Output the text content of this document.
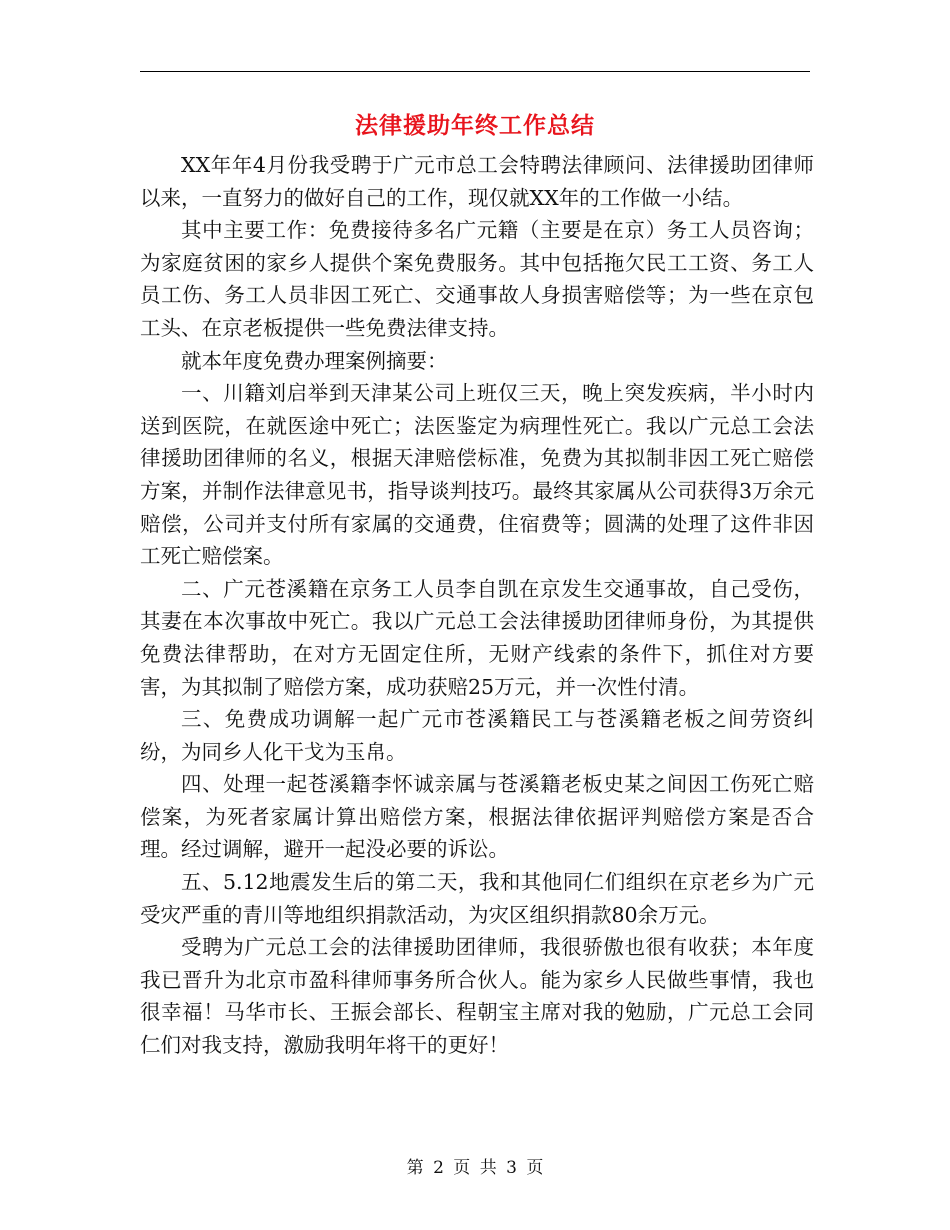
法律援助年终工作总结

XX年年4月份我受聘于广元市总工会特聘法律顾问、法律援助团律师以来，一直努力的做好自己的工作，现仅就XX年的工作做一小结。

其中主要工作：免费接待多名广元籍（主要是在京）务工人员咨询；为家庭贫困的家乡人提供个案免费服务。其中包括拖欠民工工资、务工人员工伤、务工人员非因工死亡、交通事故人身损害赔偿等；为一些在京包工头、在京老板提供一些免费法律支持。

就本年度免费办理案例摘要：

一、川籍刘启举到天津某公司上班仅三天，晚上突发疾病，半小时内送到医院，在就医途中死亡；法医鉴定为病理性死亡。我以广元总工会法律援助团律师的名义，根据天津赔偿标准，免费为其拟制非因工死亡赔偿方案，并制作法律意见书，指导谈判技巧。最终其家属从公司获得3万余元赔偿，公司并支付所有家属的交通费，住宿费等；圆满的处理了这件非因工死亡赔偿案。

二、广元苍溪籍在京务工人员李自凯在京发生交通事故，自己受伤，其妻在本次事故中死亡。我以广元总工会法律援助团律师身份，为其提供免费法律帮助，在对方无固定住所，无财产线索的条件下，抓住对方要害，为其拟制了赔偿方案，成功获赔25万元，并一次性付清。

三、免费成功调解一起广元市苍溪籍民工与苍溪籍老板之间劳资纠纷，为同乡人化干戈为玉帛。

四、处理一起苍溪籍李怀诚亲属与苍溪籍老板史某之间因工伤死亡赔偿案，为死者家属计算出赔偿方案，根据法律依据评判赔偿方案是否合理。经过调解，避开一起没必要的诉讼。

五、5.12地震发生后的第二天，我和其他同仁们组织在京老乡为广元受灾严重的青川等地组织捐款活动，为灾区组织捐款80余万元。

受聘为广元总工会的法律援助团律师，我很骄傲也很有收获；本年度我已晋升为北京市盈科律师事务所合伙人。能为家乡人民做些事情，我也很幸福！马华市长、王振会部长、程朝宝主席对我的勉励，广元总工会同仁们对我支持，激励我明年将干的更好！

第 2 页 共 3 页
